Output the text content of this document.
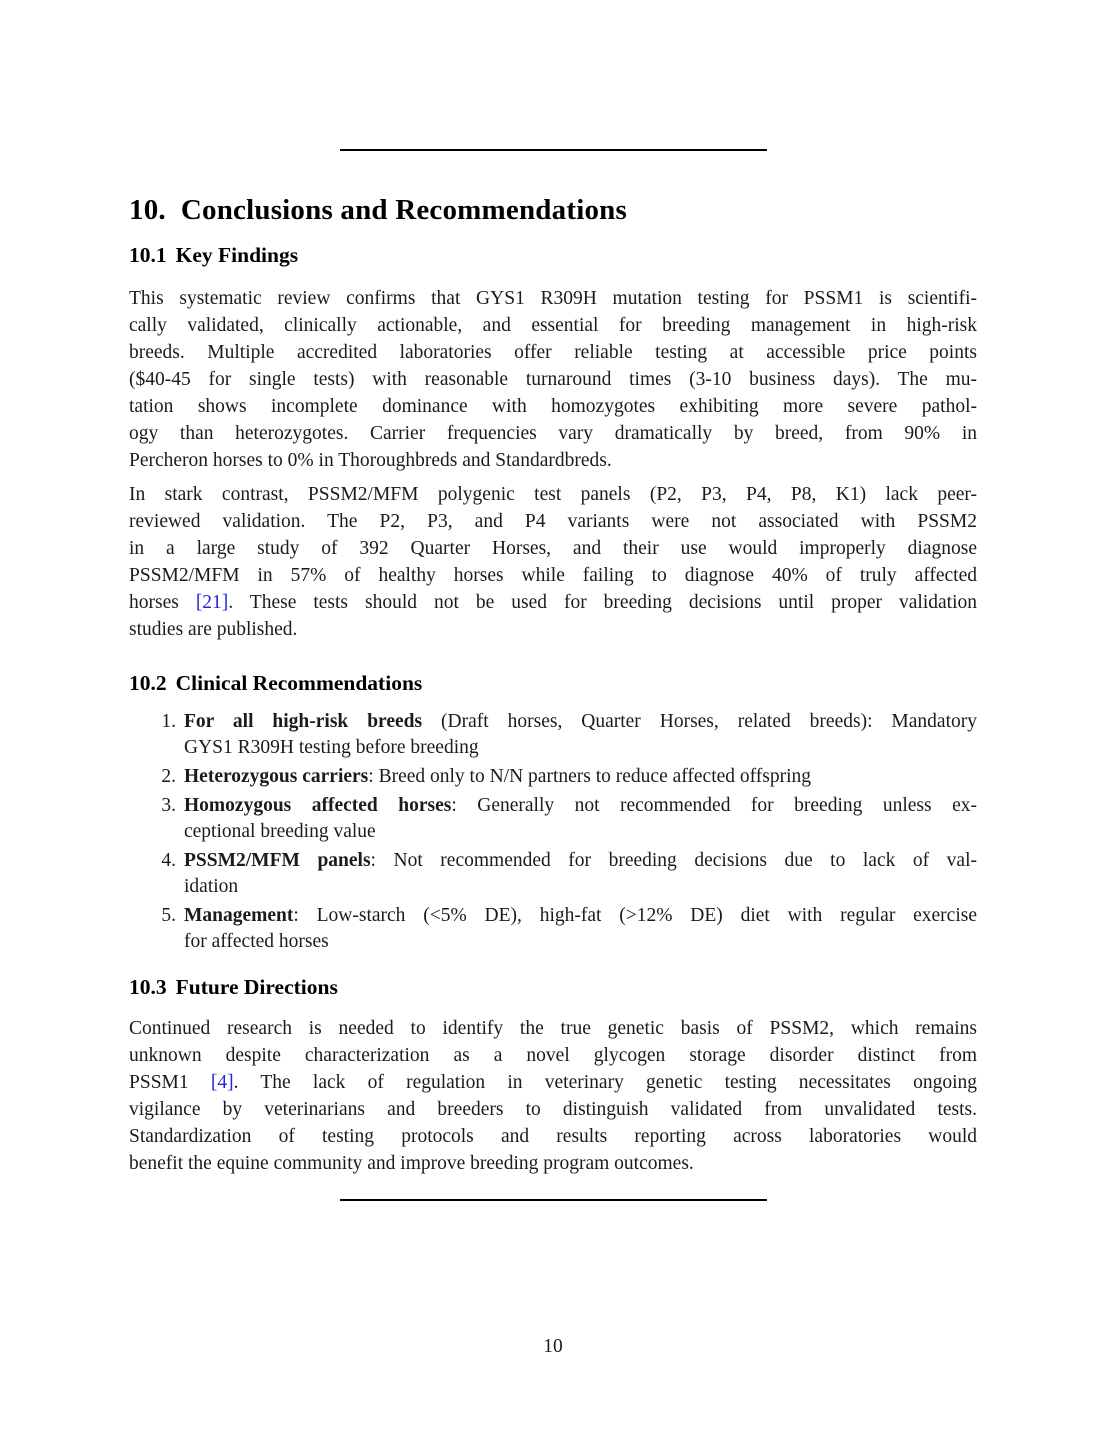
10. Conclusions and Recommendations
10.1 Key Findings
This systematic review confirms that GYS1 R309H mutation testing for PSSM1 is scientifi-
cally validated, clinically actionable, and essential for breeding management in high-risk
breeds. Multiple accredited laboratories offer reliable testing at accessible price points
($40-45 for single tests) with reasonable turnaround times (3-10 business days). The mu-
tation shows incomplete dominance with homozygotes exhibiting more severe pathol-
ogy than heterozygotes. Carrier frequencies vary dramatically by breed, from 90% in
Percheron horses to 0% in Thoroughbreds and Standardbreds.
In stark contrast, PSSM2/MFM polygenic test panels (P2, P3, P4, P8, K1) lack peer-
reviewed validation. The P2, P3, and P4 variants were not associated with PSSM2
in a large study of 392 Quarter Horses, and their use would improperly diagnose
PSSM2/MFM in 57% of healthy horses while failing to diagnose 40% of truly affected
horses [21]. These tests should not be used for breeding decisions until proper validation
studies are published.
10.2 Clinical Recommendations
1. For all high-risk breeds (Draft horses, Quarter Horses, related breeds): Mandatory
GYS1 R309H testing before breeding
2. Heterozygous carriers: Breed only to N/N partners to reduce affected offspring
3. Homozygous affected horses: Generally not recommended for breeding unless ex-
ceptional breeding value
4. PSSM2/MFM panels: Not recommended for breeding decisions due to lack of val-
idation
5. Management: Low-starch (<5% DE), high-fat (>12% DE) diet with regular exercise
for affected horses
10.3 Future Directions
Continued research is needed to identify the true genetic basis of PSSM2, which remains
unknown despite characterization as a novel glycogen storage disorder distinct from
PSSM1 [4]. The lack of regulation in veterinary genetic testing necessitates ongoing
vigilance by veterinarians and breeders to distinguish validated from unvalidated tests.
Standardization of testing protocols and results reporting across laboratories would
benefit the equine community and improve breeding program outcomes.
10
